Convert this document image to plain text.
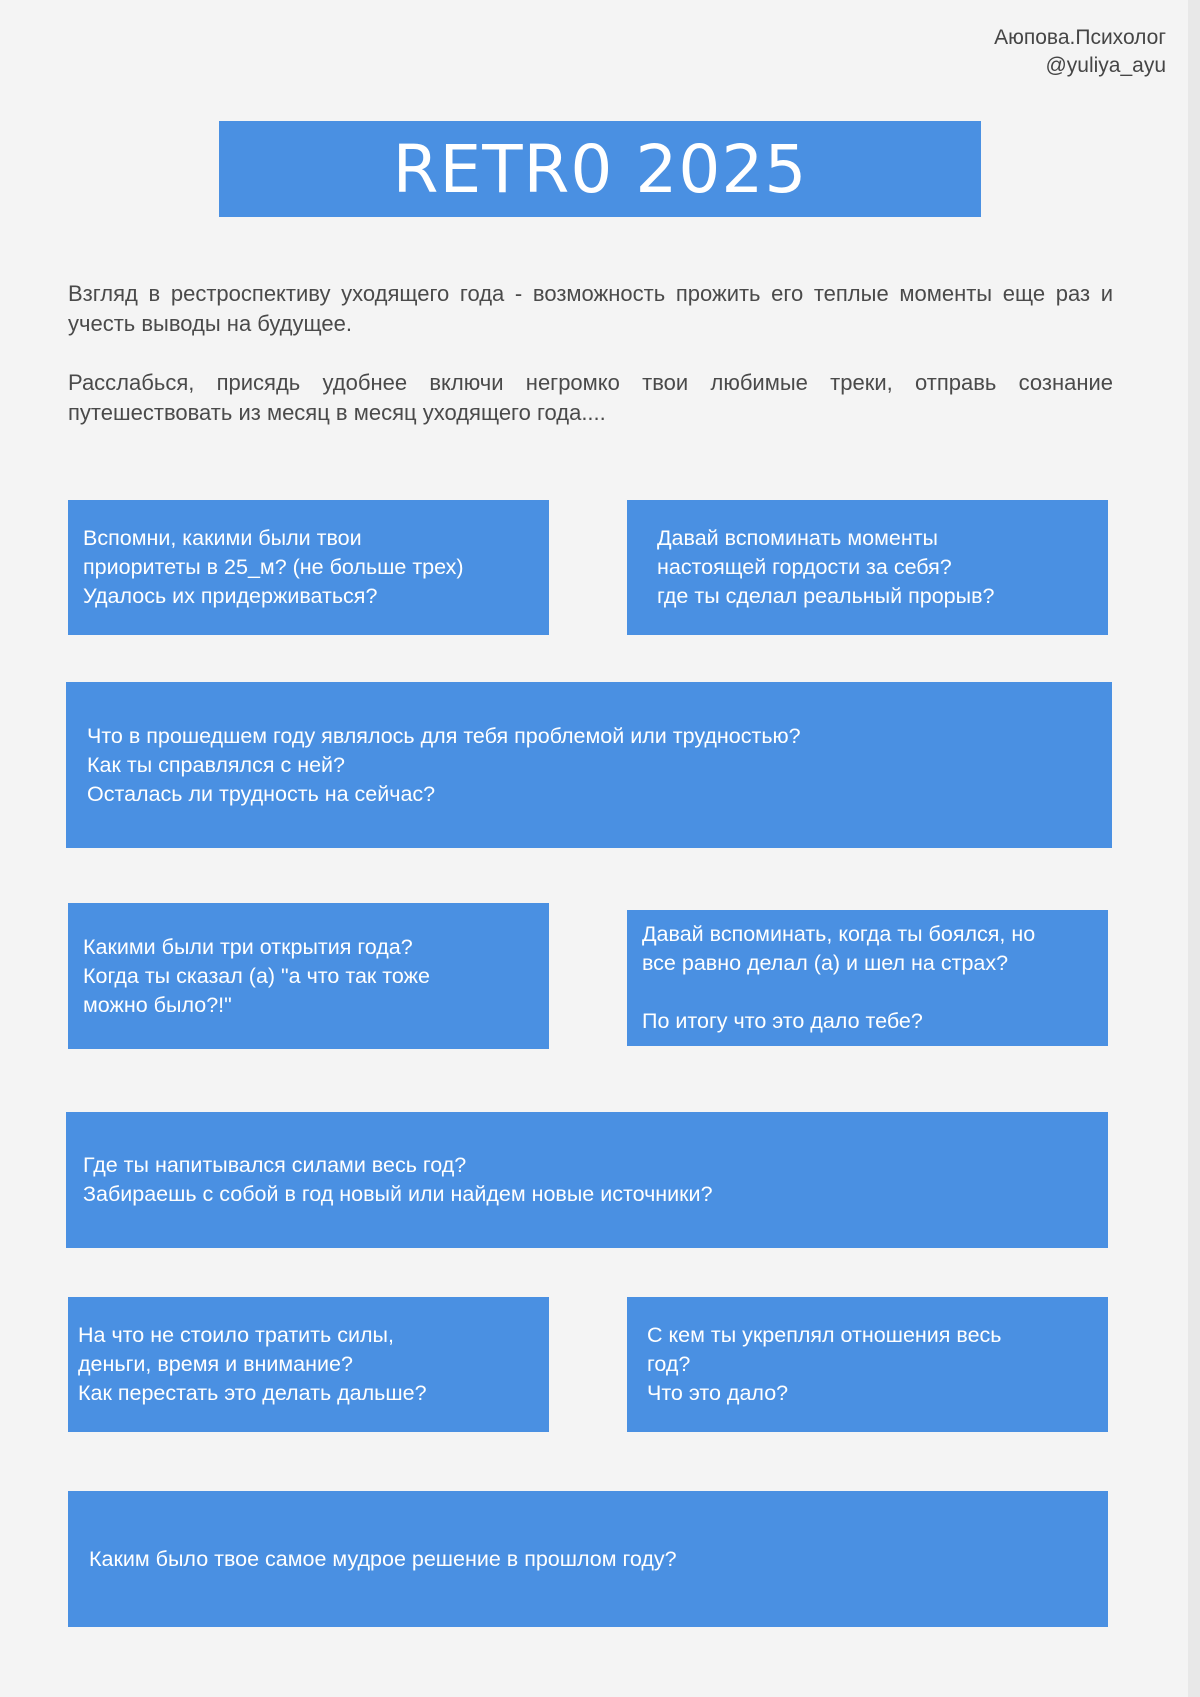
Аюпова.Психолог
@yuliya_ayu
RETR0 2025

Взгляд в рестроспективу уходящего года - возможность прожить его теплые моменты еще раз и учесть выводы на будущее.

Расслабься, присядь удобнее включи негромко твои любимые треки, отправь сознание путешествовать из месяц в месяц уходящего года....

Вспомни, какими были твои
приоритеты в 25_м? (не больше трех)
Удалось их придерживаться?
Давай вспоминать моменты
настоящей гордости за себя?
где ты сделал реальный прорыв?
Что в прошедшем году являлось для тебя проблемой или трудностью?
Как ты справлялся с ней?
Осталась ли трудность на сейчас?
Какими были три открытия года?
Когда ты сказал (а) "а что так тоже
можно было?!"
Давай вспоминать, когда ты боялся, но
все равно делал (а) и шел на страх?

По итогу что это дало тебе?
Где ты напитывался силами весь год?
Забираешь с собой в год новый или найдем новые источники?
На что не стоило тратить силы,
деньги, время и внимание?
Как перестать это делать дальше?
С кем ты укреплял отношения весь
год?
Что это дало?
Каким было твое самое мудрое решение в прошлом году?
